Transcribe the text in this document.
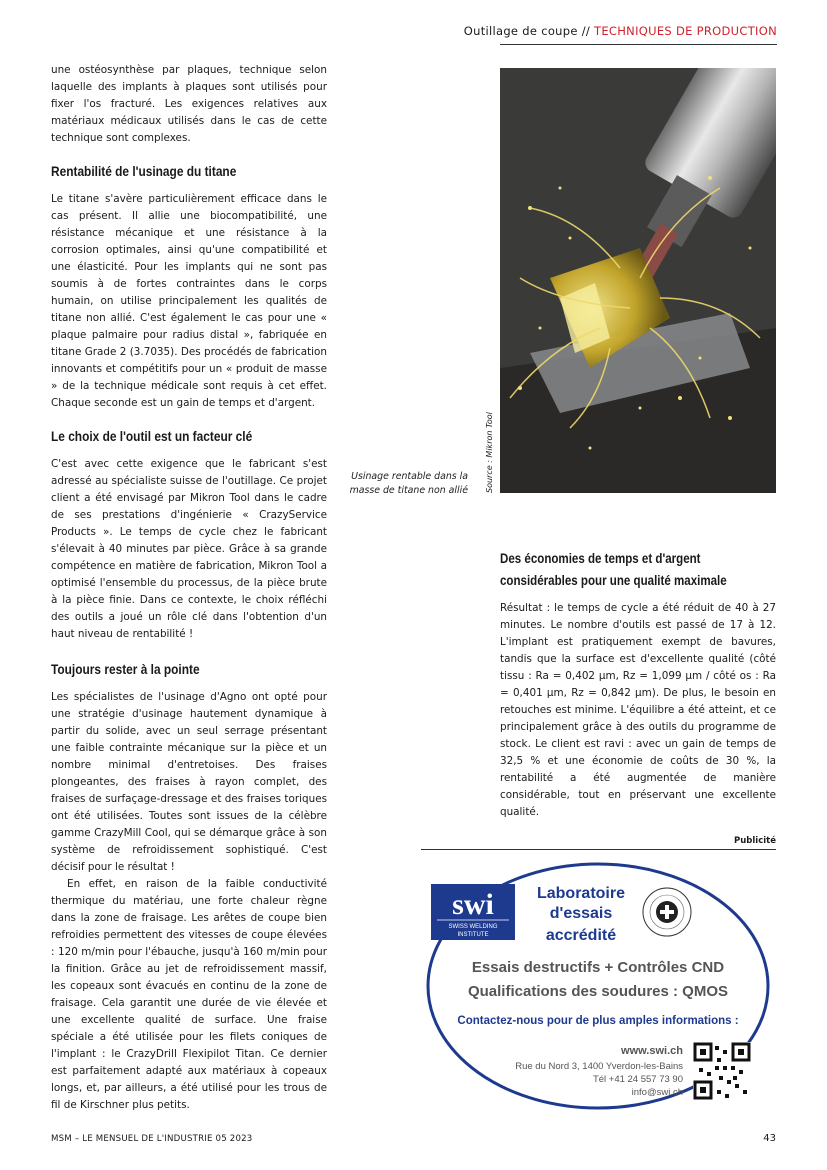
Outillage de coupe // TECHNIQUES DE PRODUCTION

une ostéosynthèse par plaques, technique selon laquelle des implants à plaques sont utilisés pour fixer l'os fracturé. Les exigences relatives aux matériaux médicaux utilisés dans le cas de cette technique sont complexes.

Rentabilité de l'usinage du titane

Le titane s'avère particulièrement efficace dans le cas présent. Il allie une biocompatibilité, une résistance mécanique et une résistance à la corrosion optimales, ainsi qu'une compatibilité et une élasticité. Pour les implants qui ne sont pas soumis à de fortes contraintes dans le corps humain, on utilise principalement les qualités de titane non allié. C'est également le cas pour une « plaque palmaire pour radius distal », fabriquée en titane Grade 2 (3.7035). Des procédés de fabrication innovants et compétitifs pour un « produit de masse » de la technique médicale sont requis à cet effet. Chaque seconde est un gain de temps et d'argent.

Le choix de l'outil est un facteur clé

C'est avec cette exigence que le fabricant s'est adressé au spécialiste suisse de l'outillage. Ce projet client a été envisagé par Mikron Tool dans le cadre de ses prestations d'ingénierie « CrazyService Products ». Le temps de cycle chez le fabricant s'élevait à 40 minutes par pièce. Grâce à sa grande compétence en matière de fabrication, Mikron Tool a optimisé l'ensemble du processus, de la pièce brute à la pièce finie. Dans ce contexte, le choix réfléchi des outils a joué un rôle clé dans l'obtention d'un haut niveau de rentabilité !

Toujours rester à la pointe

Les spécialistes de l'usinage d'Agno ont opté pour une stratégie d'usinage hautement dynamique à partir du solide, avec un seul serrage présentant une faible contrainte mécanique sur la pièce et un nombre minimal d'entretoises. Des fraises plongeantes, des fraises à rayon complet, des fraises de surfaçage-dressage et des fraises toriques ont été utilisées. Toutes sont issues de la célèbre gamme CrazyMill Cool, qui se démarque grâce à son système de refroidissement sophistiqué. C'est décisif pour le résultat !

En effet, en raison de la faible conductivité thermique du matériau, une forte chaleur règne dans la zone de fraisage. Les arêtes de coupe bien refroidies permettent des vitesses de coupe élevées : 120 m/min pour l'ébauche, jusqu'à 160 m/min pour la finition. Grâce au jet de refroidissement massif, les copeaux sont évacués en continu de la zone de fraisage. Cela garantit une durée de vie élevée et une excellente qualité de surface. Une fraise spéciale a été utilisée pour les filets coniques de l'implant : le CrazyDrill Flexipilot Titan. Ce dernier est parfaitement adapté aux matériaux à copeaux longs, et, par ailleurs, a été utilisé pour les trous de fil de Kirschner plus petits.

Source : Mikron Tool
Usinage rentable dans la masse de titane non allié

Des économies de temps et d'argent considérables pour une qualité maximale

Résultat : le temps de cycle a été réduit de 40 à 27 minutes. Le nombre d'outils est passé de 17 à 12. L'implant est pratiquement exempt de bavures, tandis que la surface est d'excellente qualité (côté tissu : Ra = 0,402 µm, Rz = 1,099 µm / côté os : Ra = 0,401 µm, Rz = 0,842 µm). De plus, le besoin en retouches est minime. L'équilibre a été atteint, et ce principalement grâce à des outils du programme de stock. Le client est ravi : avec un gain de temps de 32,5 % et une économie de coûts de 30 %, la rentabilité a été augmentée de manière considérable, tout en préservant une excellente qualité.

Publicité
swi
SWISS WELDING
INSTITUTE
Laboratoire
d'essais
accrédité
Essais destructifs + Contrôles CND
Qualifications des soudures : QMOS
Contactez-nous pour de plus amples informations :
www.swi.ch
Rue du Nord 3, 1400 Yverdon-les-Bains
Tél +41 24 557 73 90
info@swi.ch
MSM – LE MENSUEL DE L'INDUSTRIE 05 2023	43
